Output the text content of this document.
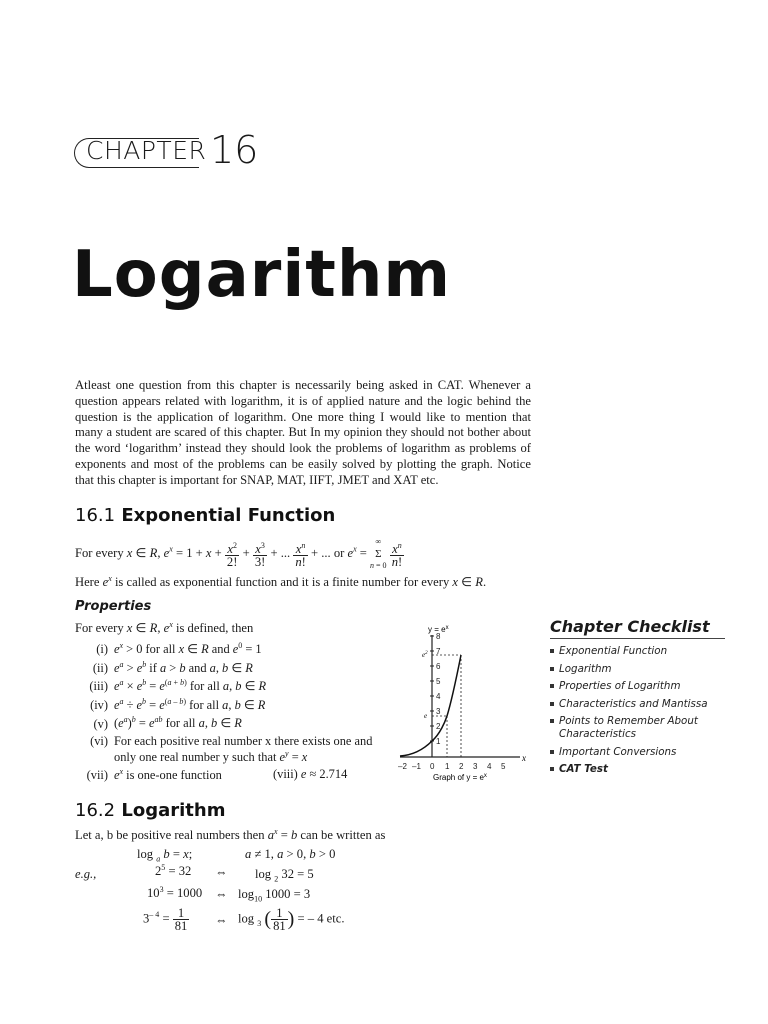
CHAPTER 16
Logarithm

Atleast one question from this chapter is necessarily being asked in CAT. Whenever a question appears related with logarithm, it is of applied nature and the logic behind the question is the application of logarithm. One more thing I would like to mention that many a student are scared of this chapter. But In my opinion they should not bother about the word ‘logarithm’ instead they should look the problems of logarithm as problems of exponents and most of the problems can be easily solved by plotting the graph. Notice that this chapter is important for SNAP, MAT, IIFT, JMET and XAT etc.

16.1 Exponential Function
For every x ∈ R, $e^x = 1 + x + \frac{x^2}{2!} + \frac{x^3}{3!}$ + ... $\frac{x^n}{n!}$ + ... or $e^x$ =
∞
Σ
n = 0
$\frac{x^n}{n!}$
Here $e^x$ is called as exponential function and it is a finite number for every x ∈ R.
Properties
For every x ∈ R, $e^x$ is defined, then
(i) $e^x > 0$ for all x ∈ R and $e^0 = 1$
(ii) $e^a > e^b$ if a > b and a, b ∈ R
(iii) $e^a \times e^b = e^{(a + b)}$ for all a, b ∈ R
(iv) $e^a \div e^b = e^{(a - b)}$ for all a, b ∈ R
(v) $(e^a)^b = e^{ab}$ for all a, b ∈ R
(vi) For each positive real number x there exists one and
only one real number y such that $e^y = x$
(vii) $e^x$ is one-one function	(viii) e ≈ 2.714
$y = e^x$
x
1
2
3
4
5
6
7
8
–2 –1 0 1 2 3 4 5
e
$e^2$
Graph of $y = e^x$
Chapter Checklist
Exponential Function
Logarithm
Properties of Logarithm
Characteristics and Mantissa
Points to Remember About Characteristics
Important Conversions
CAT Test
16.2 Logarithm
Let a, b be positive real numbers then $a^x = b$ can be written as
log $_a$ b = x;	a ≠ 1, a > 0, b > 0
e.g.,	$2^5 = 32$ ⇔ log $_2$ 32 = 5
$10^3 = 1000$ ⇔ $\log_{10} 1000 = 3$
$3^{- 4} = \frac{1}{81}$ ⇔ log $_3$ ( $\frac{1}{81}$ ) = – 4 etc.
